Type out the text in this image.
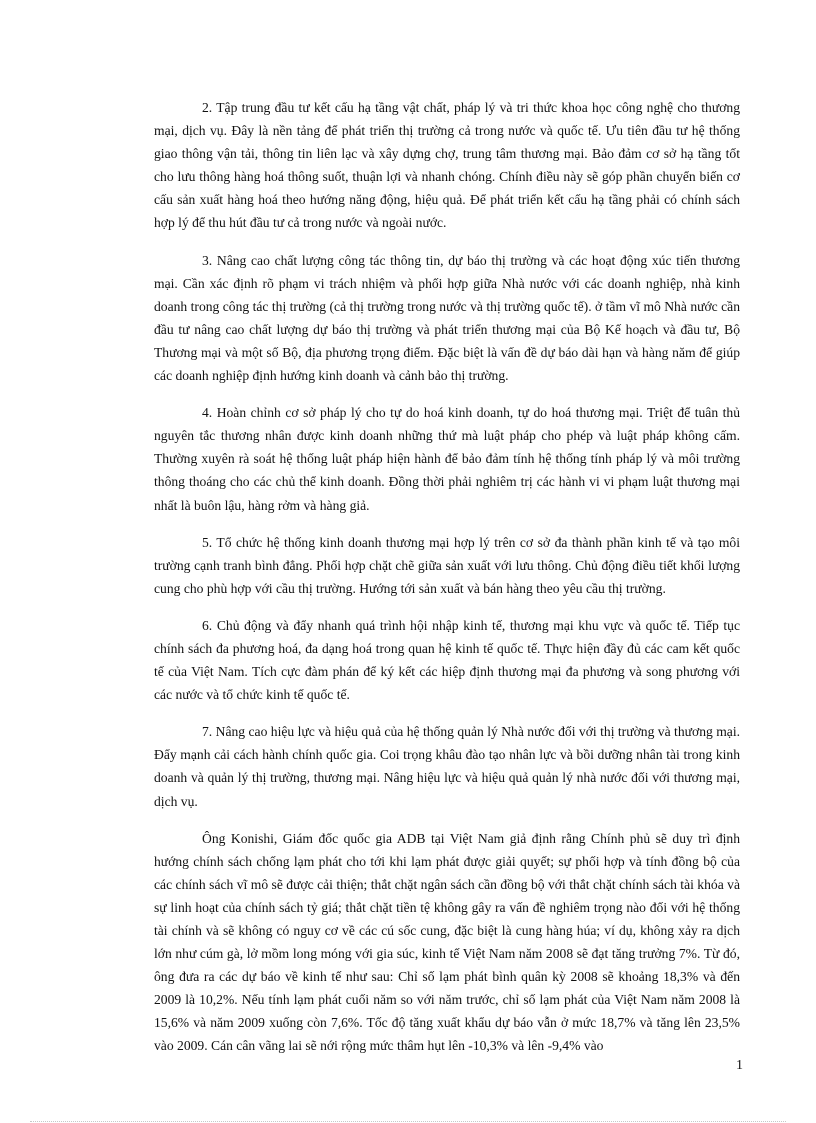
2. Tập trung đầu tư kết cấu hạ tầng vật chất, pháp lý và tri thức khoa học công nghệ cho thương mại, dịch vụ. Đây là nền tảng để phát triển thị trường cả trong nước và quốc tế. Ưu tiên đầu tư hệ thống giao thông vận tải, thông tin liên lạc và xây dựng chợ, trung tâm thương mại. Bảo đảm cơ sở hạ tầng tốt cho lưu thông hàng hoá thông suốt, thuận lợi và nhanh chóng. Chính điều này sẽ góp phần chuyển biến cơ cấu sản xuất hàng hoá theo hướng năng động, hiệu quả. Để phát triển kết cấu hạ tầng phải có chính sách hợp lý để thu hút đầu tư cả trong nước và ngoài nước.

3. Nâng cao chất lượng công tác thông tin, dự báo thị trường và các hoạt động xúc tiến thương mại. Cần xác định rõ phạm vi trách nhiệm và phối hợp giữa Nhà nước với các doanh nghiệp, nhà kinh doanh trong công tác thị trường (cả thị trường trong nước và thị trường quốc tế). ở tầm vĩ mô Nhà nước cần đầu tư nâng cao chất lượng dự báo thị trường và phát triển thương mại của Bộ Kế hoạch và đầu tư, Bộ Thương mại và một số Bộ, địa phương trọng điểm. Đặc biệt là vấn đề dự báo dài hạn và hàng năm để giúp các doanh nghiệp định hướng kinh doanh và cảnh bảo thị trường.

4. Hoàn chỉnh cơ sở pháp lý cho tự do hoá kinh doanh, tự do hoá thương mại. Triệt để tuân thủ nguyên tắc thương nhân được kinh doanh những thứ mà luật pháp cho phép và luật pháp không cấm. Thường xuyên rà soát hệ thống luật pháp hiện hành để bảo đảm tính hệ thống tính pháp lý và môi trường thông thoáng cho các chủ thể kinh doanh. Đồng thời phải nghiêm trị các hành vi vi phạm luật thương mại nhất là buôn lậu, hàng rởm và hàng giả.

5. Tổ chức hệ thống kinh doanh thương mại hợp lý trên cơ sở đa thành phần kinh tế và tạo môi trường cạnh tranh bình đẳng. Phối hợp chặt chẽ giữa sản xuất với lưu thông. Chủ động điều tiết khối lượng cung cho phù hợp với cầu thị trường. Hướng tới sản xuất và bán hàng theo yêu cầu thị trường.

6. Chủ động và đẩy nhanh quá trình hội nhập kinh tế, thương mại khu vực và quốc tế. Tiếp tục chính sách đa phương hoá, đa dạng hoá trong quan hệ kinh tế quốc tế. Thực hiện đầy đủ các cam kết quốc tế của Việt Nam. Tích cực đàm phán để ký kết các hiệp định thương mại đa phương và song phương với các nước và tổ chức kinh tế quốc tế.

7. Nâng cao hiệu lực và hiệu quả của hệ thống quản lý Nhà nước đối với thị trường và thương mại. Đẩy mạnh cải cách hành chính quốc gia. Coi trọng khâu đào tạo nhân lực và bồi dưỡng nhân tài trong kinh doanh và quản lý thị trường, thương mại. Nâng hiệu lực và hiệu quả quản lý nhà nước đối với thương mại, dịch vụ.

Ông Konishi, Giám đốc quốc gia ADB tại Việt Nam giả định rằng Chính phủ sẽ duy trì định hướng chính sách chống lạm phát cho tới khi lạm phát được giải quyết; sự phối hợp và tính đồng bộ của các chính sách vĩ mô sẽ được cải thiện; thắt chặt ngân sách cần đồng bộ với thắt chặt chính sách tài khóa và sự linh hoạt của chính sách tỷ giá; thắt chặt tiền tệ không gây ra vấn đề nghiêm trọng nào đối với hệ thống tài chính và sẽ không có nguy cơ về các cú sốc cung, đặc biệt là cung hàng húa; ví dụ, không xảy ra dịch lớn như cúm gà, lở mồm long móng với gia súc, kinh tế Việt Nam năm 2008 sẽ đạt tăng trưởng 7%. Từ đó, ông đưa ra các dự báo về kinh tế như sau: Chỉ số lạm phát bình quân kỳ 2008 sẽ khoảng 18,3% và đến 2009 là 10,2%. Nếu tính lạm phát cuối năm so với năm trước, chỉ số lạm phát của Việt Nam năm 2008 là 15,6% và năm 2009 xuống còn 7,6%. Tốc độ tăng xuất khẩu dự báo vẫn ở mức 18,7% và tăng lên 23,5% vào 2009. Cán cân vãng lai sẽ nới rộng mức thâm hụt lên -10,3% và lên -9,4% vào

1
